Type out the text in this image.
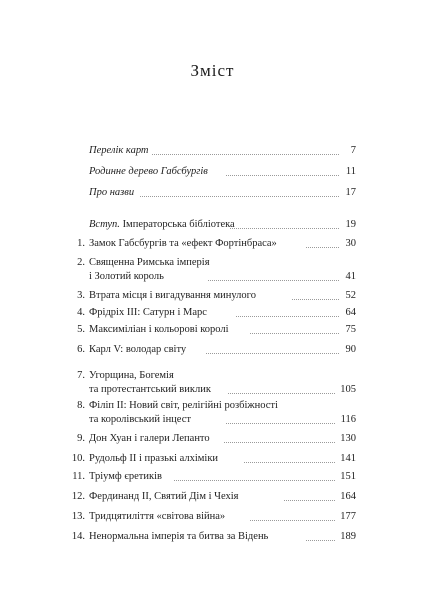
Зміст
Перелік карт	7
Родинне дерево Габсбургів	11
Про назви	17
Вступ. Імператорська бібліотека	19
1. Замок Габсбургів та «ефект Фортінбраса»	30
2. Священна Римська імперія
і Золотий король	41
3. Втрата місця і вигадування минулого	52
4. Фрідріх III: Сатурн і Марс	64
5. Максиміліан і кольорові королі	75
6. Карл V: володар світу	90
7. Угорщина, Богемія
та протестантський виклик	105
8. Філіп II: Новий світ, релігійні розбіжності
та королівський інцест	116
9. Дон Хуан і галери Лепанто	130
10. Рудольф II і празькі алхіміки	141
11. Тріумф єретиків	151
12. Фердинанд II, Святий Дім і Чехія	164
13. Тридцятиліття «світова війна»	177
14. Ненормальна імперія та битва за Відень	189
